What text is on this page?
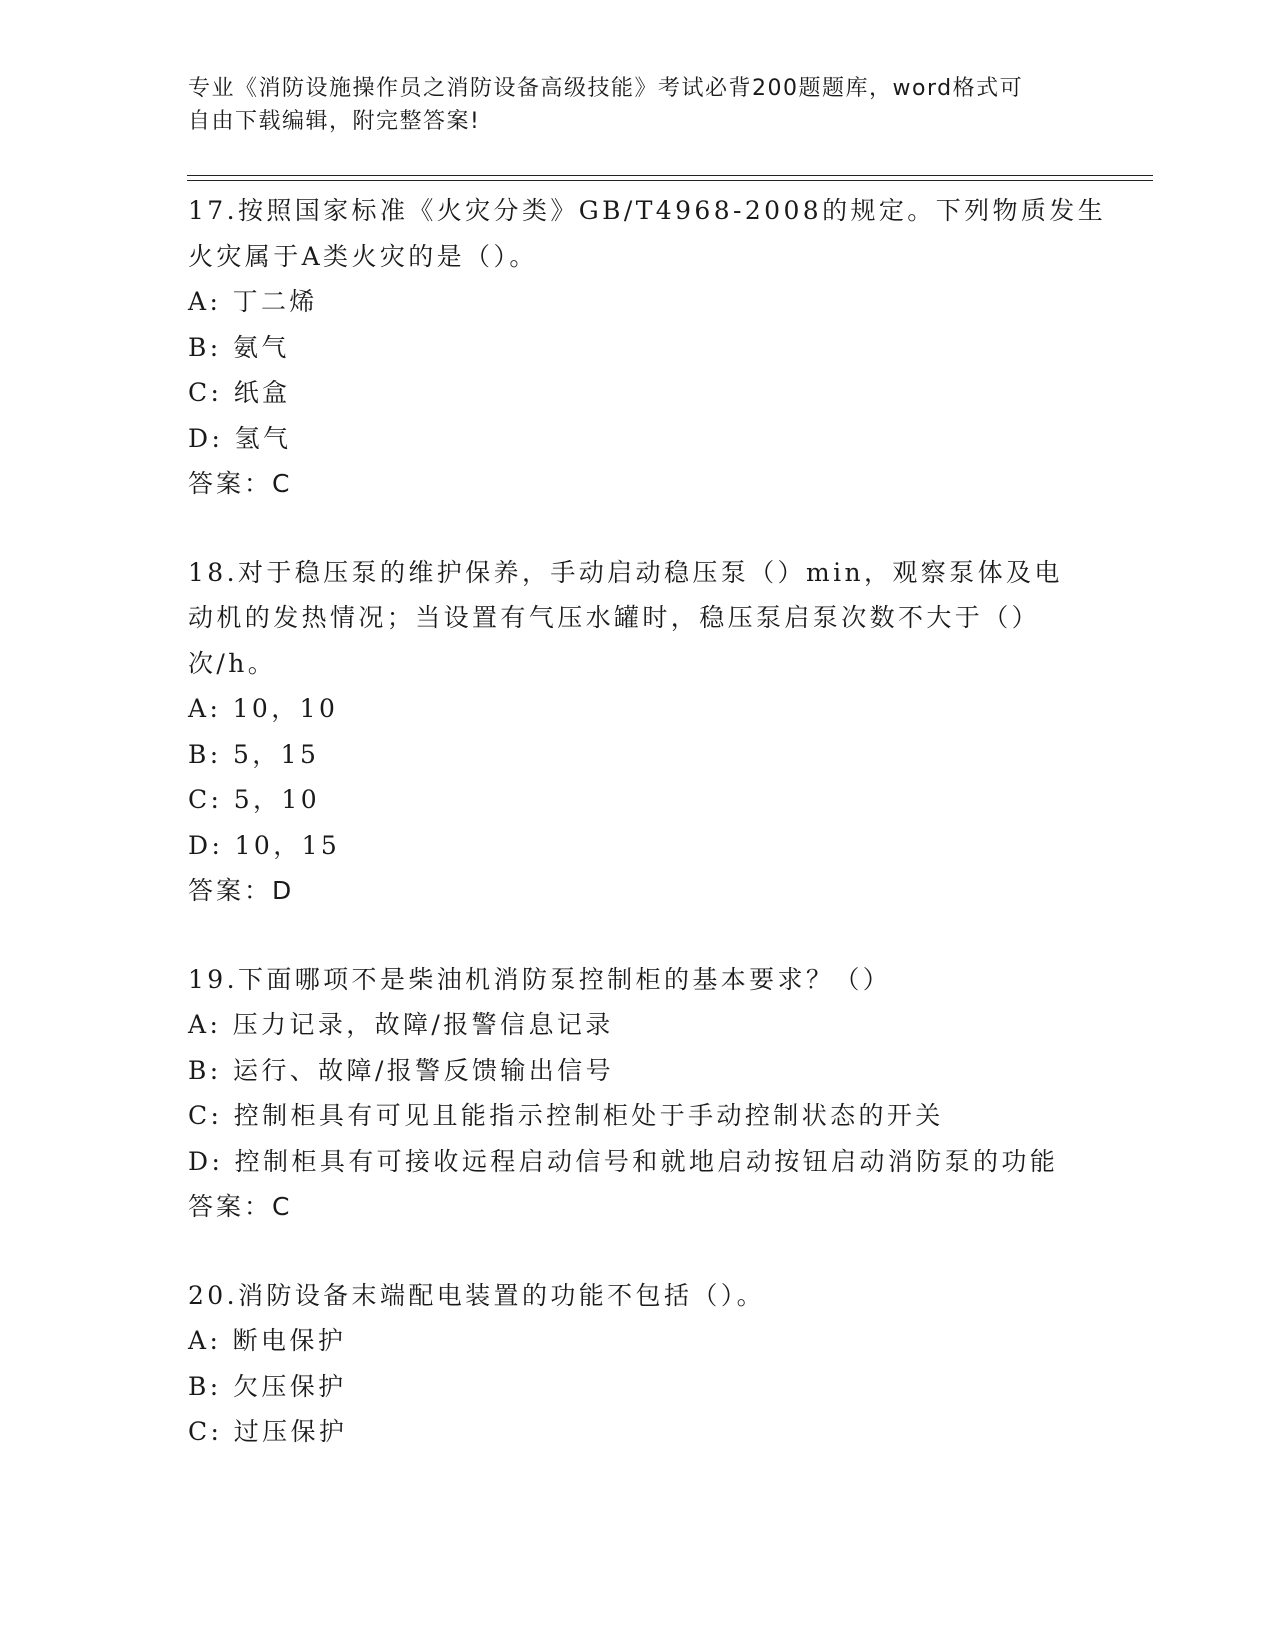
专业《消防设施操作员之消防设备高级技能》考试必背200题题库，word格式可
自由下载编辑，附完整答案!
17.按照国家标准《火灾分类》GB/T4968-2008的规定。下列物质发生
火灾属于A类火灾的是（）。
A: 丁二烯
B: 氨气
C: 纸盒
D: 氢气
答案：C
18.对于稳压泵的维护保养，手动启动稳压泵（）min，观察泵体及电
动机的发热情况；当设置有气压水罐时，稳压泵启泵次数不大于（）
次/h。
A: 10，10
B: 5，15
C: 5，10
D: 10，15
答案：D
19.下面哪项不是柴油机消防泵控制柜的基本要求？（）
A: 压力记录，故障/报警信息记录
B: 运行、故障/报警反馈输出信号
C: 控制柜具有可见且能指示控制柜处于手动控制状态的开关
D: 控制柜具有可接收远程启动信号和就地启动按钮启动消防泵的功能
答案：C
20.消防设备末端配电装置的功能不包括（）。
A: 断电保护
B: 欠压保护
C: 过压保护
